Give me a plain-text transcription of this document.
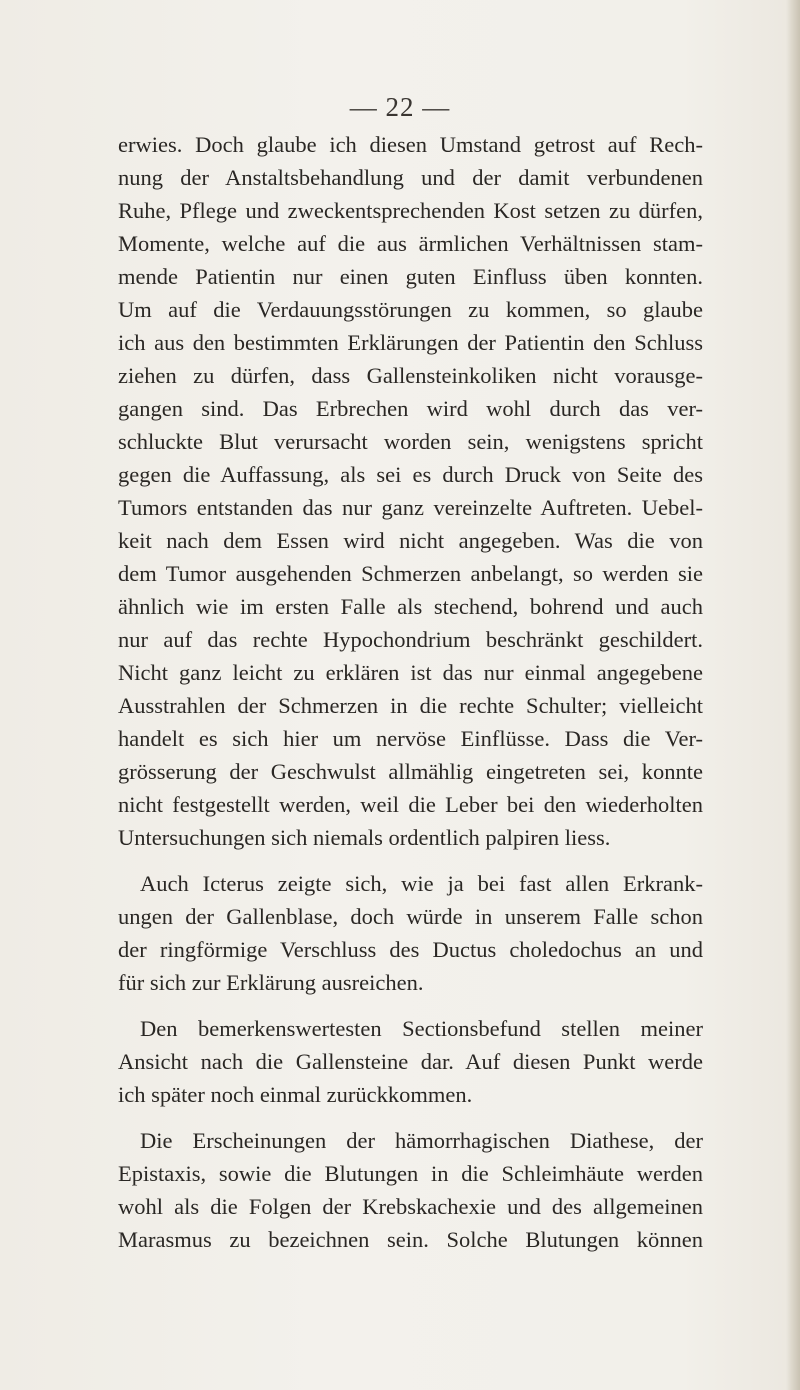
— 22 —
erwies. Doch glaube ich diesen Umstand getrost auf Rech-
nung der Anstaltsbehandlung und der damit verbundenen
Ruhe, Pflege und zweckentsprechenden Kost setzen zu dürfen,
Momente, welche auf die aus ärmlichen Verhältnissen stam-
mende Patientin nur einen guten Einfluss üben konnten.
Um auf die Verdauungsstörungen zu kommen, so glaube
ich aus den bestimmten Erklärungen der Patientin den Schluss
ziehen zu dürfen, dass Gallensteinkoliken nicht vorausge-
gangen sind. Das Erbrechen wird wohl durch das ver-
schluckte Blut verursacht worden sein, wenigstens spricht
gegen die Auffassung, als sei es durch Druck von Seite des
Tumors entstanden das nur ganz vereinzelte Auftreten. Uebel-
keit nach dem Essen wird nicht angegeben. Was die von
dem Tumor ausgehenden Schmerzen anbelangt, so werden sie
ähnlich wie im ersten Falle als stechend, bohrend und auch
nur auf das rechte Hypochondrium beschränkt geschildert.
Nicht ganz leicht zu erklären ist das nur einmal angegebene
Ausstrahlen der Schmerzen in die rechte Schulter; vielleicht
handelt es sich hier um nervöse Einflüsse. Dass die Ver-
grösserung der Geschwulst allmählig eingetreten sei, konnte
nicht festgestellt werden, weil die Leber bei den wiederholten
Untersuchungen sich niemals ordentlich palpiren liess.
Auch Icterus zeigte sich, wie ja bei fast allen Erkrank-
ungen der Gallenblase, doch würde in unserem Falle schon
der ringförmige Verschluss des Ductus choledochus an und
für sich zur Erklärung ausreichen.
Den bemerkenswertesten Sectionsbefund stellen meiner
Ansicht nach die Gallensteine dar. Auf diesen Punkt werde
ich später noch einmal zurückkommen.
Die Erscheinungen der hämorrhagischen Diathese, der
Epistaxis, sowie die Blutungen in die Schleimhäute werden
wohl als die Folgen der Krebskachexie und des allgemeinen
Marasmus zu bezeichnen sein. Solche Blutungen können
